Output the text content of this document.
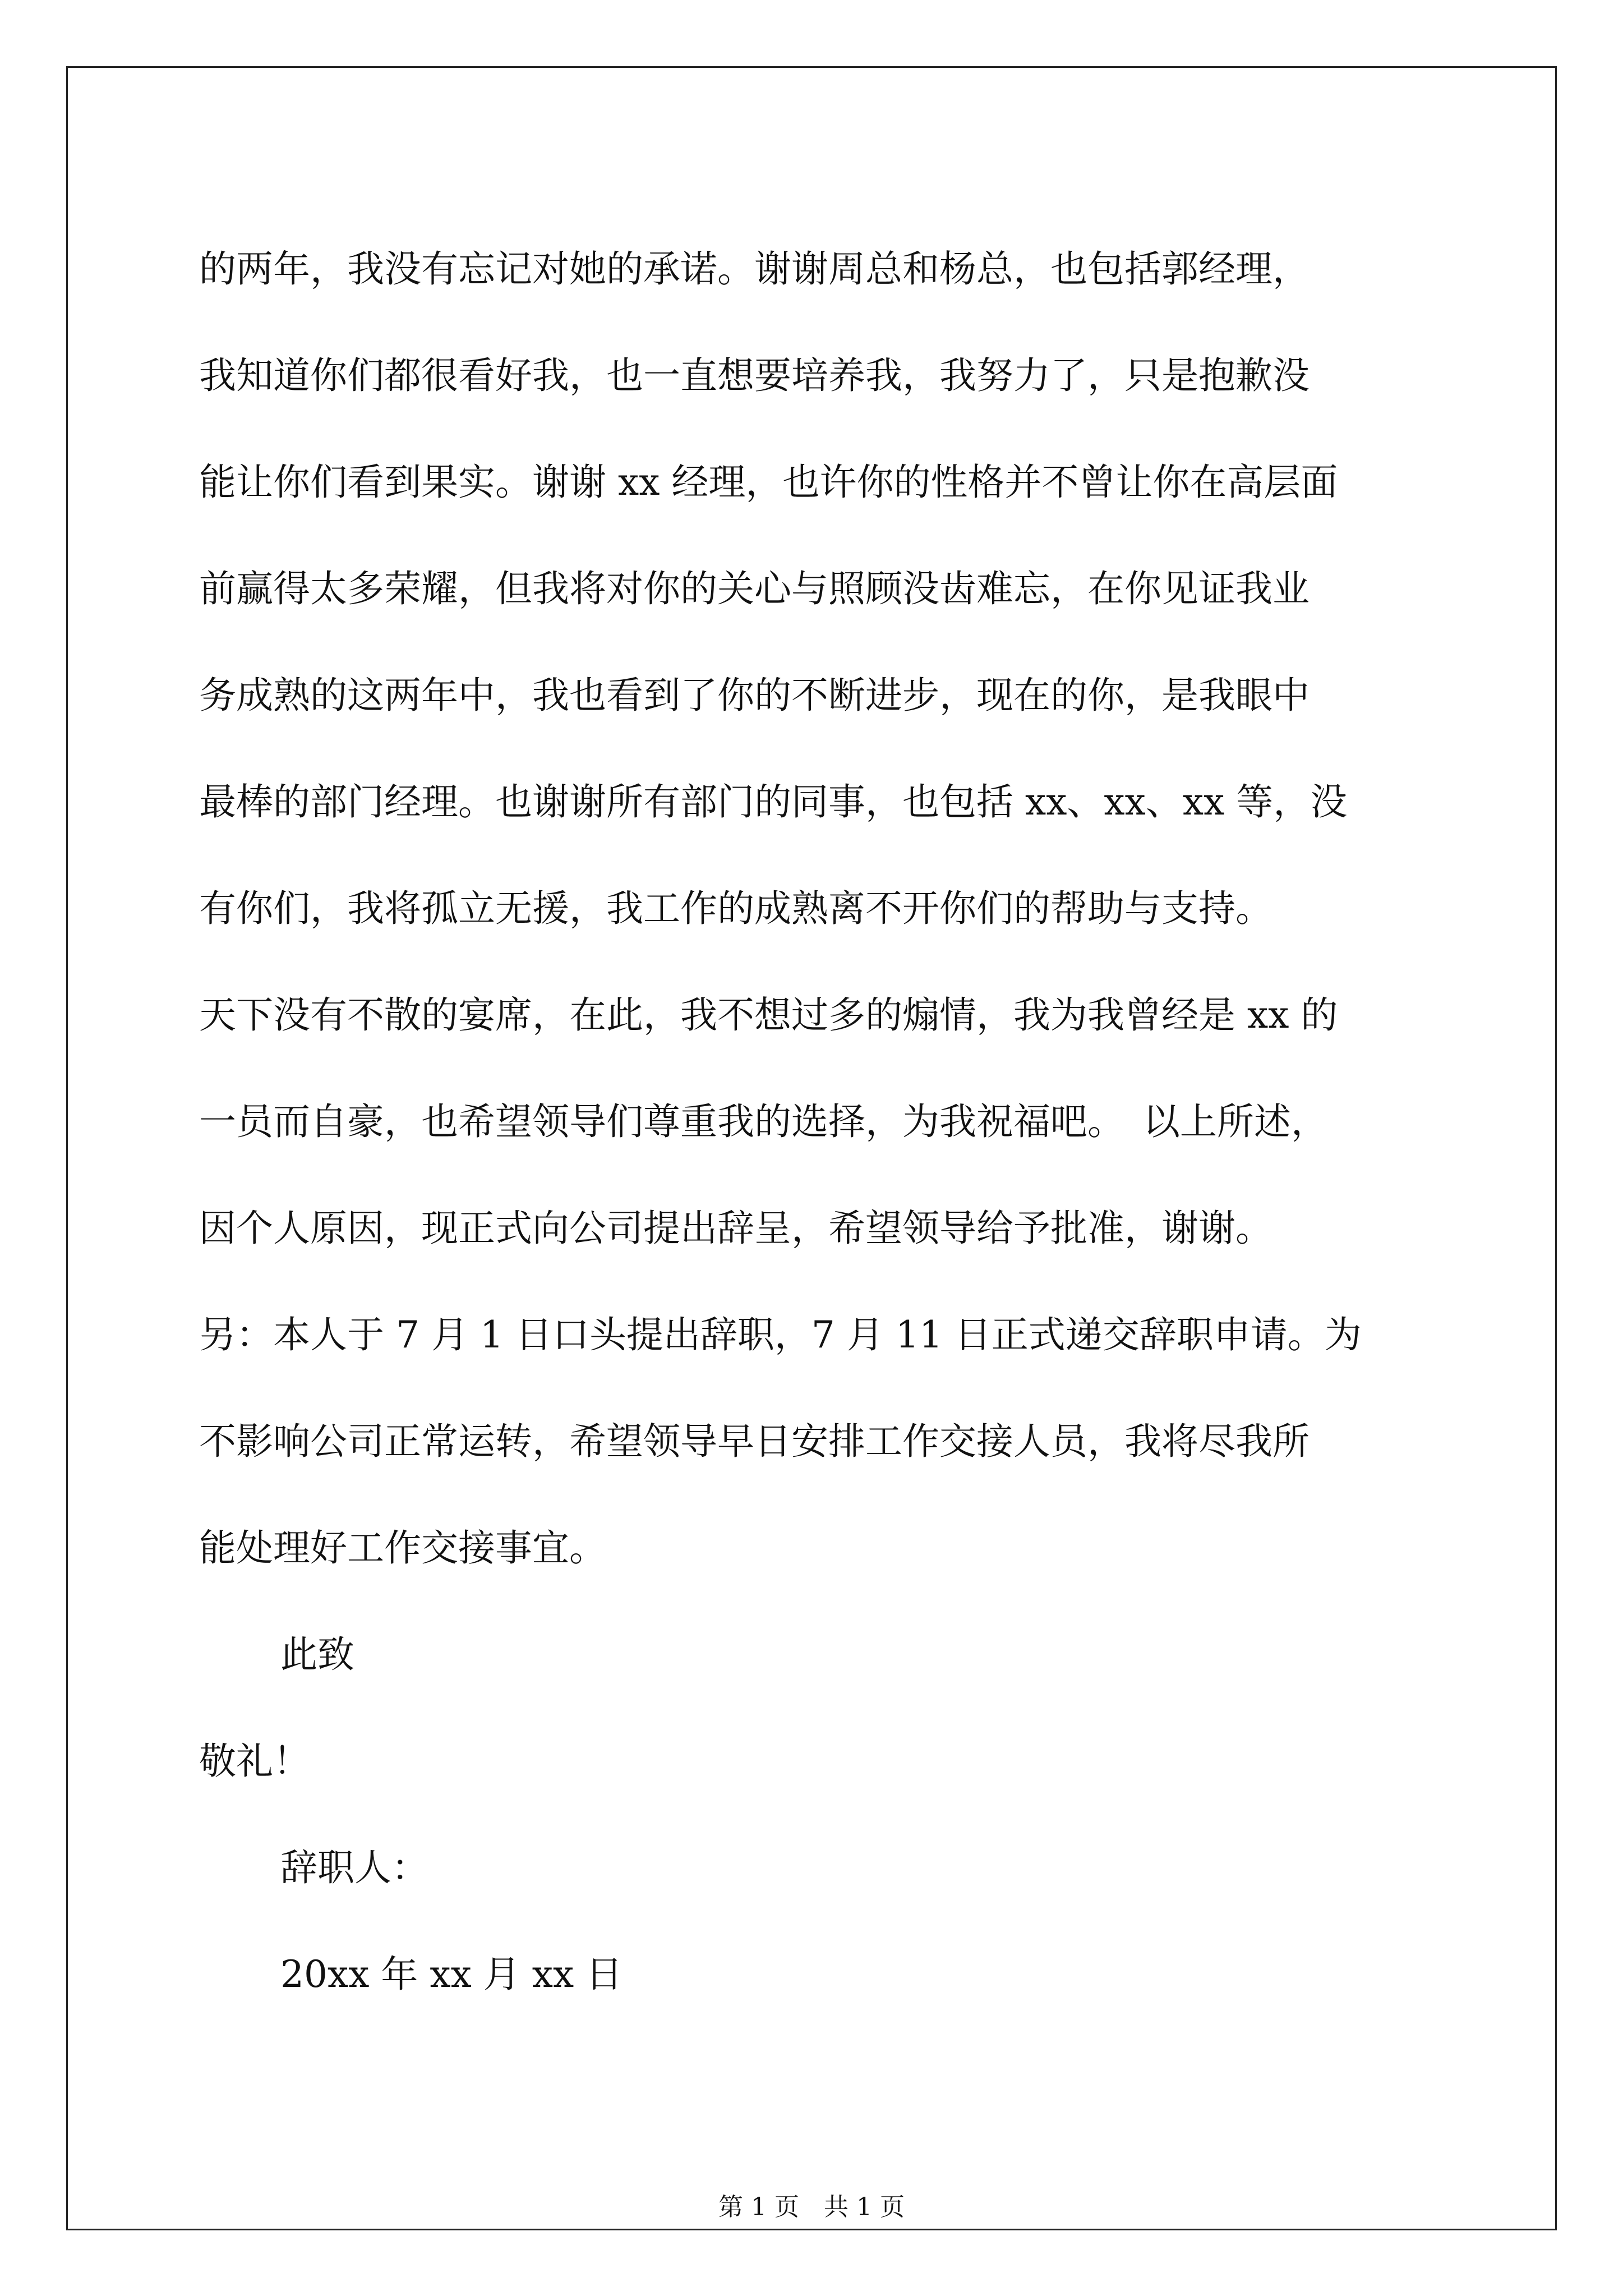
的两年，我没有忘记对她的承诺。谢谢周总和杨总，也包括郭经理，

我知道你们都很看好我，也一直想要培养我，我努力了，只是抱歉没

能让你们看到果实。谢谢 xx 经理，也许你的性格并不曾让你在高层面

前赢得太多荣耀，但我将对你的关心与照顾没齿难忘，在你见证我业

务成熟的这两年中，我也看到了你的不断进步，现在的你，是我眼中

最棒的部门经理。也谢谢所有部门的同事，也包括 xx、xx、xx 等，没

有你们，我将孤立无援，我工作的成熟离不开你们的帮助与支持。

天下没有不散的宴席，在此，我不想过多的煽情，我为我曾经是 xx 的

一员而自豪，也希望领导们尊重我的选择，为我祝福吧。　以上所述，

因个人原因，现正式向公司提出辞呈，希望领导给予批准，谢谢。

另：本人于 7 月 1 日口头提出辞职，7 月 11 日正式递交辞职申请。为

不影响公司正常运转，希望领导早日安排工作交接人员，我将尽我所

能处理好工作交接事宜。

此致

敬礼！

辞职人：

20xx 年 xx 月 xx 日

第 1 页　共 1 页
